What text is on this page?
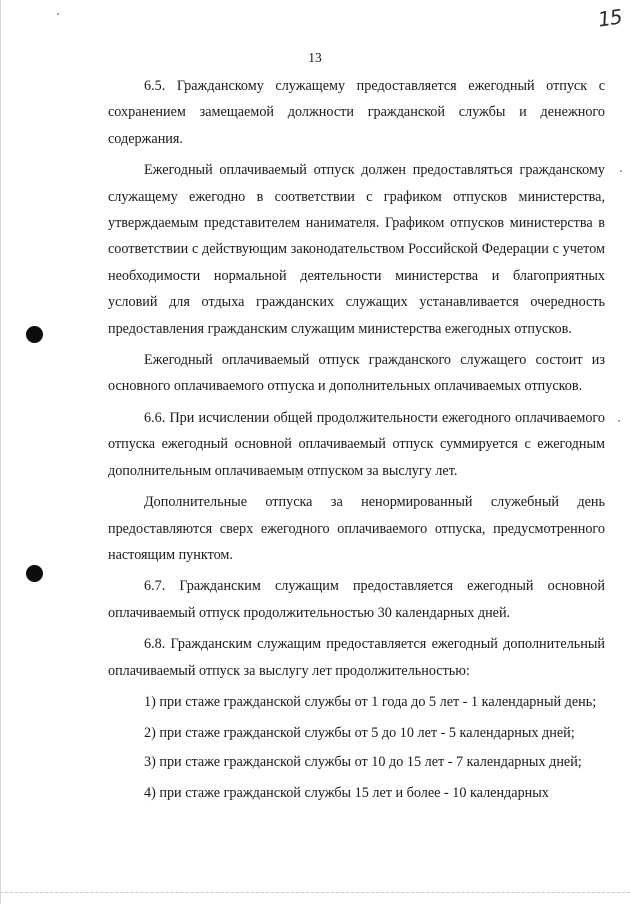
15
13

6.5. Гражданскому служащему предоставляется ежегодный отпуск с сохранением замещаемой должности гражданской службы и денежного содержания.

Ежегодный оплачиваемый отпуск должен предоставляться гражданскому служащему ежегодно в соответствии с графиком отпусков министерства, утверждаемым представителем нанимателя. Графиком отпусков министерства в соответствии с действующим законодательством Российской Федерации с учетом необходимости нормальной деятельности министерства и благоприятных условий для отдыха гражданских служащих устанавливается очередность предоставления гражданским служащим министерства ежегодных отпусков.

Ежегодный оплачиваемый отпуск гражданского служащего состоит из основного оплачиваемого отпуска и дополнительных оплачиваемых отпусков.

6.6. При исчислении общей продолжительности ежегодного оплачиваемого отпуска ежегодный основной оплачиваемый отпуск суммируется с ежегодным дополнительным оплачиваемым отпуском за выслугу лет.

Дополнительные отпуска за ненормированный служебный день предоставляются сверх ежегодного оплачиваемого отпуска, предусмотренного настоящим пунктом.

6.7. Гражданским служащим предоставляется ежегодный основной оплачиваемый отпуск продолжительностью 30 календарных дней.

6.8. Гражданским служащим предоставляется ежегодный дополнительный оплачиваемый отпуск за выслугу лет продолжительностью:

1) при стаже гражданской службы от 1 года до 5 лет - 1 календарный день;

2) при стаже гражданской службы от 5 до 10 лет - 5 календарных дней;

3) при стаже гражданской службы от 10 до 15 лет - 7 календарных дней;

4) при стаже гражданской службы 15 лет и более - 10 календарных
